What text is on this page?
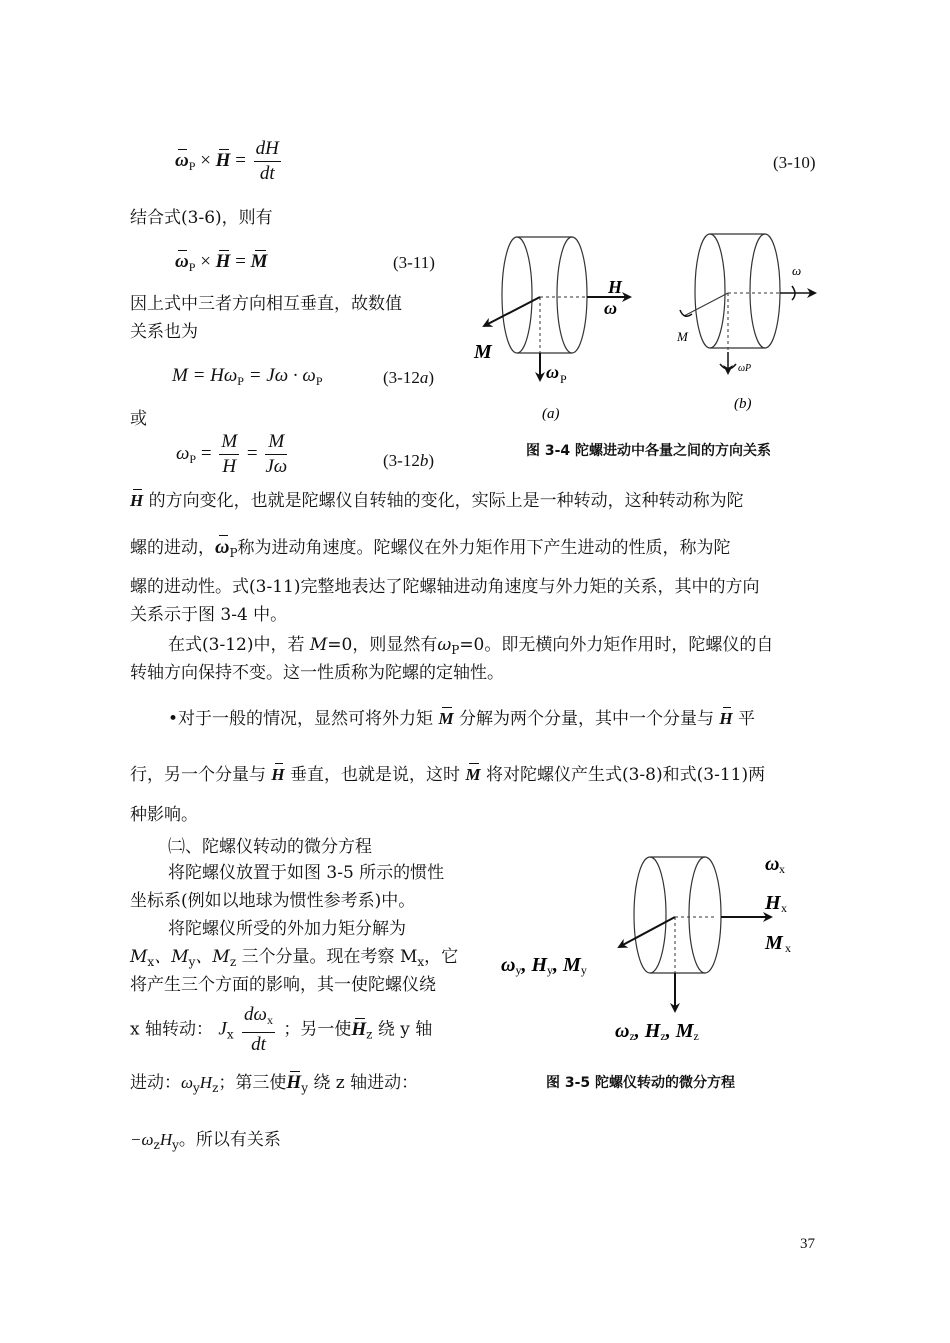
$\omega_P \times H = \frac{dH}{dt}$	(3-10)
结合式(3-6)，则有
$\omega_P \times H = M$	(3-11)
因上式中三者方向相互垂直，故数值
关系也为
$M = H\omega_P = J\omega \cdot \omega_P$	(3-12a)
或
$\omega_P = \frac{M}{H} = \frac{M}{J\omega}$	(3-12b)
H
ω
M
ω P
(a)
ω
M
ωP
(b)
图 3-4 陀螺进动中各量之间的方向关系
H 的方向变化，也就是陀螺仪自转轴的变化，实际上是一种转动，这种转动称为陀
螺的进动，$\omega_P$称为进动角速度。陀螺仪在外力矩作用下产生进动的性质，称为陀
螺的进动性。式(3-11)完整地表达了陀螺轴进动角速度与外力矩的关系，其中的方向
关系示于图 3-4 中。
在式(3-12)中，若 M=0，则显然有$\omega_P=0$。即无横向外力矩作用时，陀螺仪的自
转轴方向保持不变。这一性质称为陀螺的定轴性。
•对于一般的情况，显然可将外力矩 M 分解为两个分量，其中一个分量与 H 平
行，另一个分量与 H 垂直，也就是说，这时 M 将对陀螺仪产生式(3-8)和式(3-11)两
种影响。
㈡、陀螺仪转动的微分方程
将陀螺仪放置于如图 3-5 所示的惯性
坐标系(例如以地球为惯性参考系)中。
将陀螺仪所受的外加力矩分解为
$M_x$、$M_y$、$M_z$ 三个分量。现在考察 $M_x$，它
将产生三个方面的影响，其一使陀螺仪绕
x 轴转动： $J_x \frac{d\omega_x}{dt}$ ；另一使$H_z$ 绕 y 轴
进动：$\omega_yH_z$；第三使$H_y$ 绕 z 轴进动：
$-\omega_zH_y$。所以有关系
ω x
H x
M x
ωy, Hy, My
ωz, Hz, Mz
图 3-5 陀螺仪转动的微分方程
37
